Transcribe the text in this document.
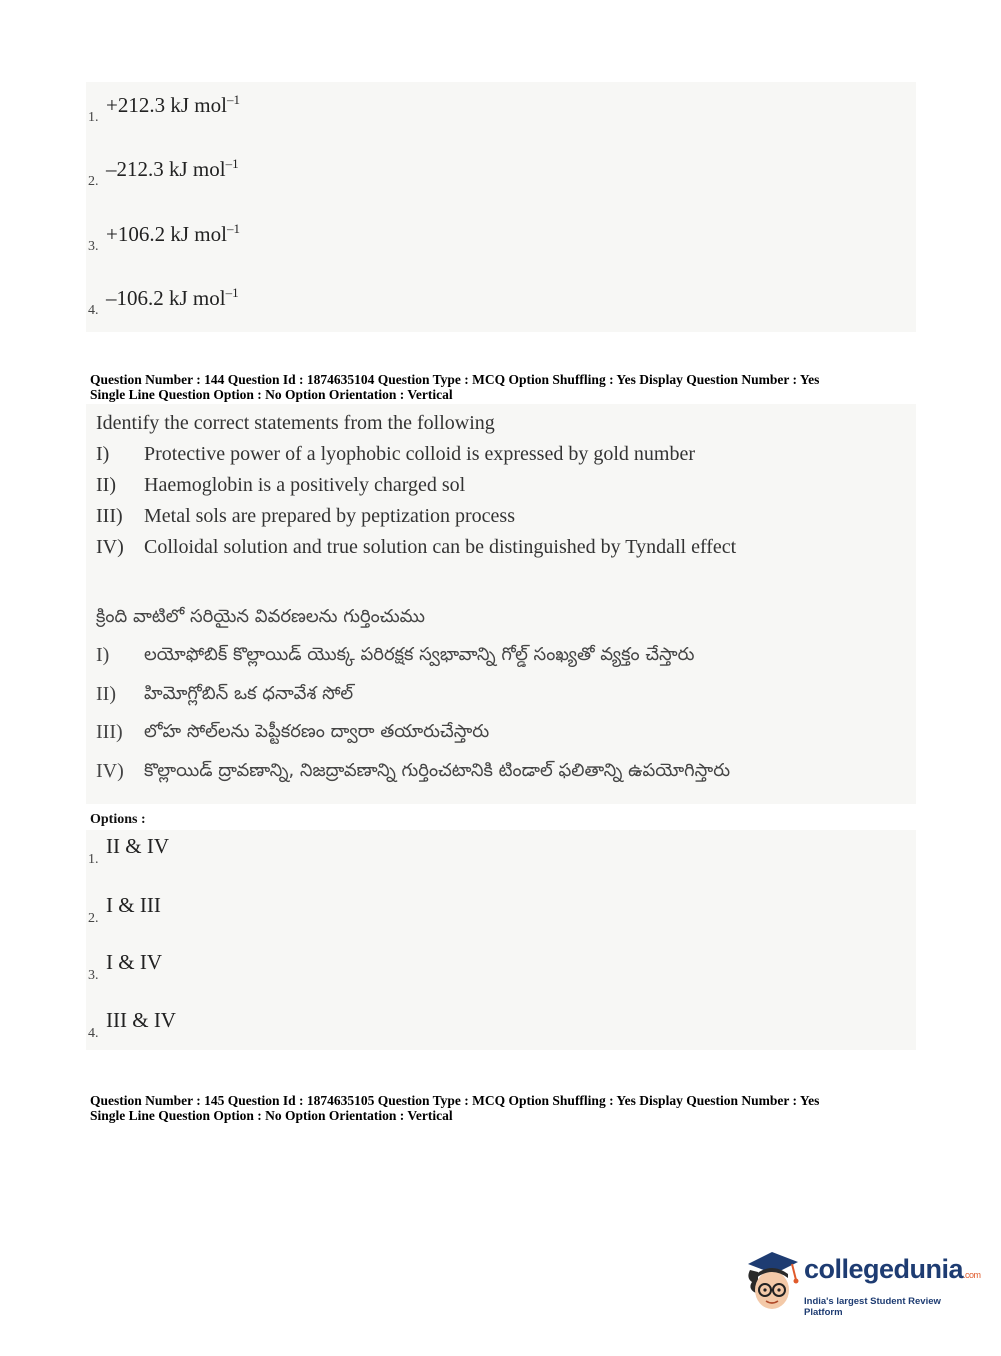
1.
+212.3 kJ mol$^{-1}$
2.
–212.3 kJ mol$^{-1}$
3.
+106.2 kJ mol$^{-1}$
4.
–106.2 kJ mol$^{-1}$
Question Number : 144 Question Id : 1874635104 Question Type : MCQ Option Shuffling : Yes Display Question Number : Yes
Single Line Question Option : No Option Orientation : Vertical
Identify the correct statements from the following
I)	Protective power of a lyophobic colloid is expressed by gold number
II)	Haemoglobin is a positively charged sol
III)	Metal sols are prepared by peptization process
IV)	Colloidal solution and true solution can be distinguished by Tyndall effect
క్రింది వాటిలో సరియైన వివరణలను గుర్తించుము
I)	లయోఫోబిక్ కొల్లాయిడ్ యొక్క పరిరక్షక స్వభావాన్ని గోల్డ్ సంఖ్యతో వ్యక్తం చేస్తారు
II)	హిమోగ్లోబిన్ ఒక ధనావేశ సోల్
III)	లోహ సోల్‌లను పెప్టీకరణం ద్వారా తయారుచేస్తారు
IV)	కొల్లాయిడ్ ద్రావణాన్ని, నిజద్రావణాన్ని గుర్తించటానికి టిండాల్ ఫలితాన్ని ఉపయోగిస్తారు
Options :
1.
II & IV
2.
I & III
3.
I & IV
4.
III & IV
Question Number : 145 Question Id : 1874635105 Question Type : MCQ Option Shuffling : Yes Display Question Number : Yes
Single Line Question Option : No Option Orientation : Vertical
collegedunia.com
India's largest Student Review Platform
